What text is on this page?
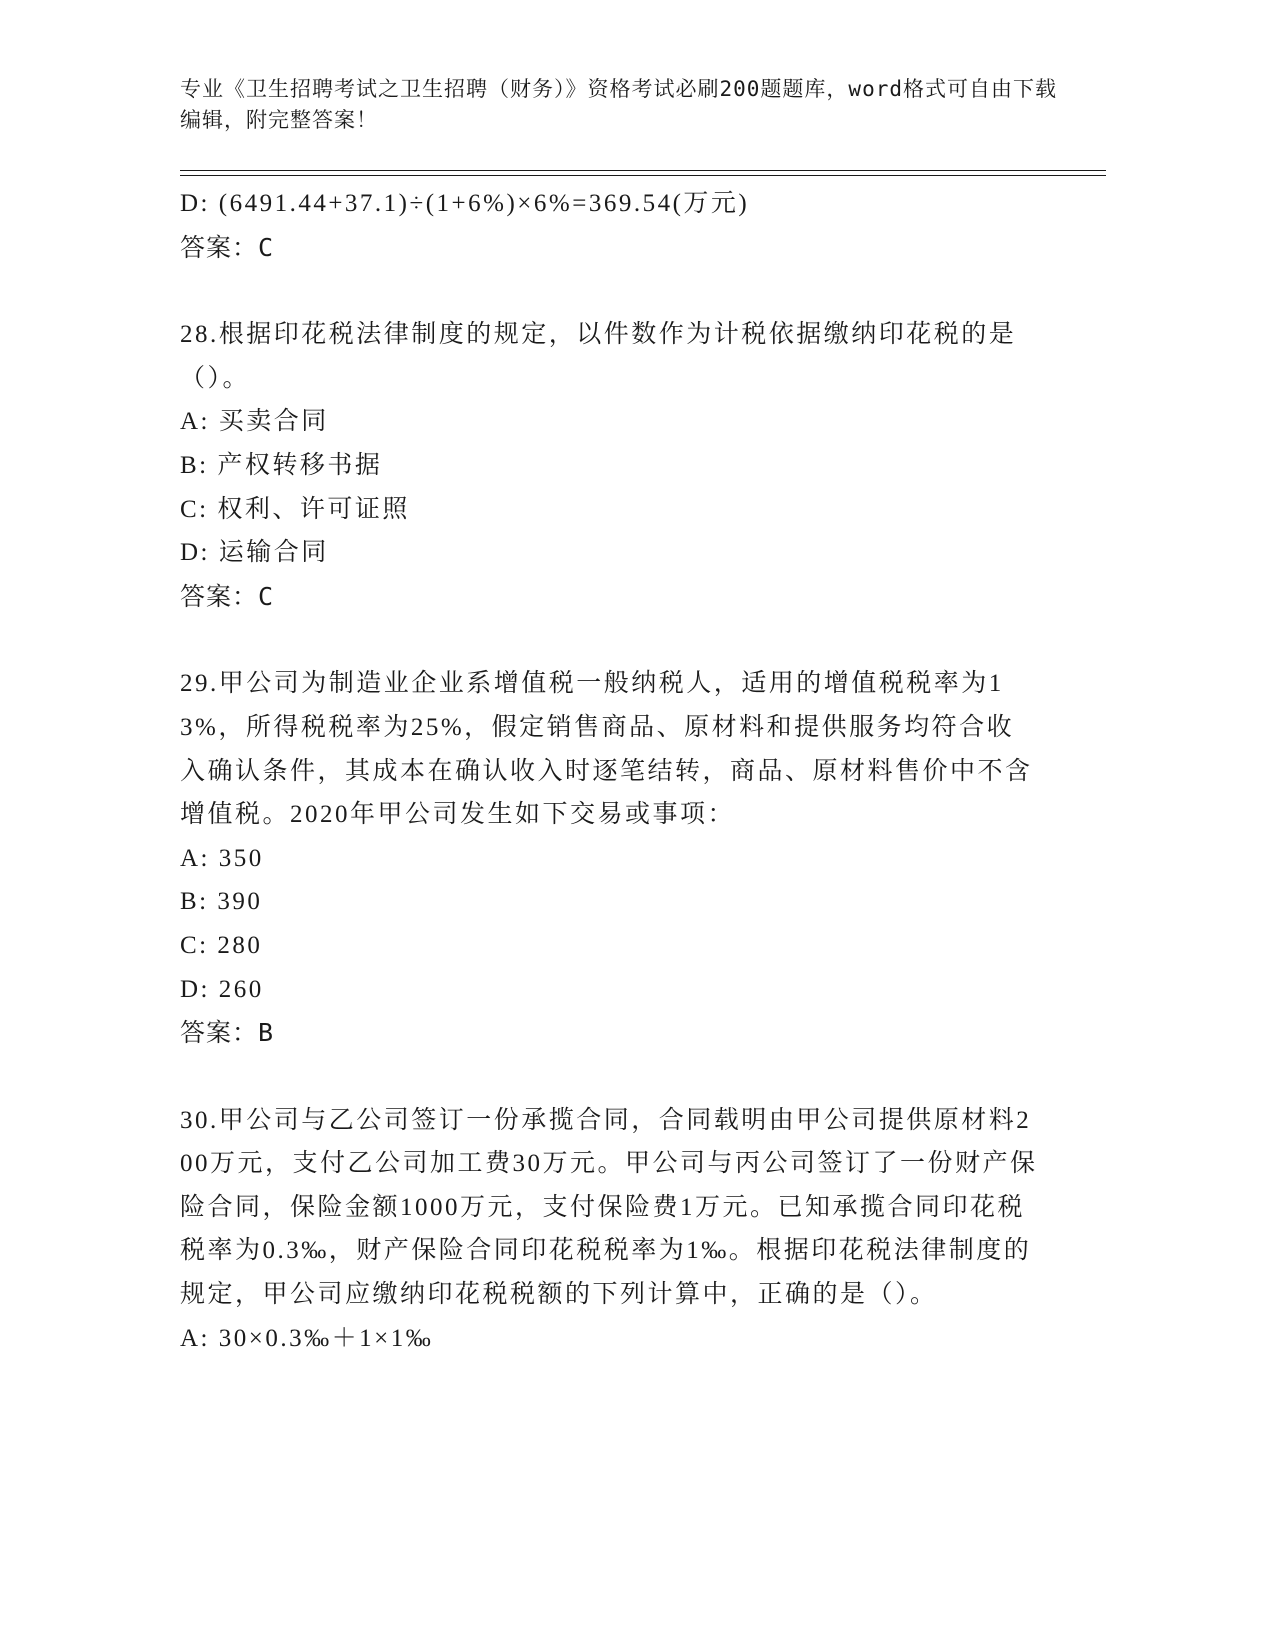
专业《卫生招聘考试之卫生招聘（财务）》资格考试必刷200题题库，word格式可自由下载编辑，附完整答案！
D: (6491.44+37.1)÷(1+6%)×6%=369.54(万元)
答案：C
28.根据印花税法律制度的规定，以件数作为计税依据缴纳印花税的是（）。
A: 买卖合同
B: 产权转移书据
C: 权利、许可证照
D: 运输合同
答案：C
29.甲公司为制造业企业系增值税一般纳税人，适用的增值税税率为13%，所得税税率为25%，假定销售商品、原材料和提供服务均符合收入确认条件，其成本在确认收入时逐笔结转，商品、原材料售价中不含增值税。2020年甲公司发生如下交易或事项：
A: 350
B: 390
C: 280
D: 260
答案：B
30.甲公司与乙公司签订一份承揽合同，合同载明由甲公司提供原材料200万元，支付乙公司加工费30万元。甲公司与丙公司签订了一份财产保险合同，保险金额1000万元，支付保险费1万元。已知承揽合同印花税税率为0.3‰，财产保险合同印花税税率为1‰。根据印花税法律制度的规定，甲公司应缴纳印花税税额的下列计算中，正确的是（）。
A: 30×0.3‰＋1×1‰
